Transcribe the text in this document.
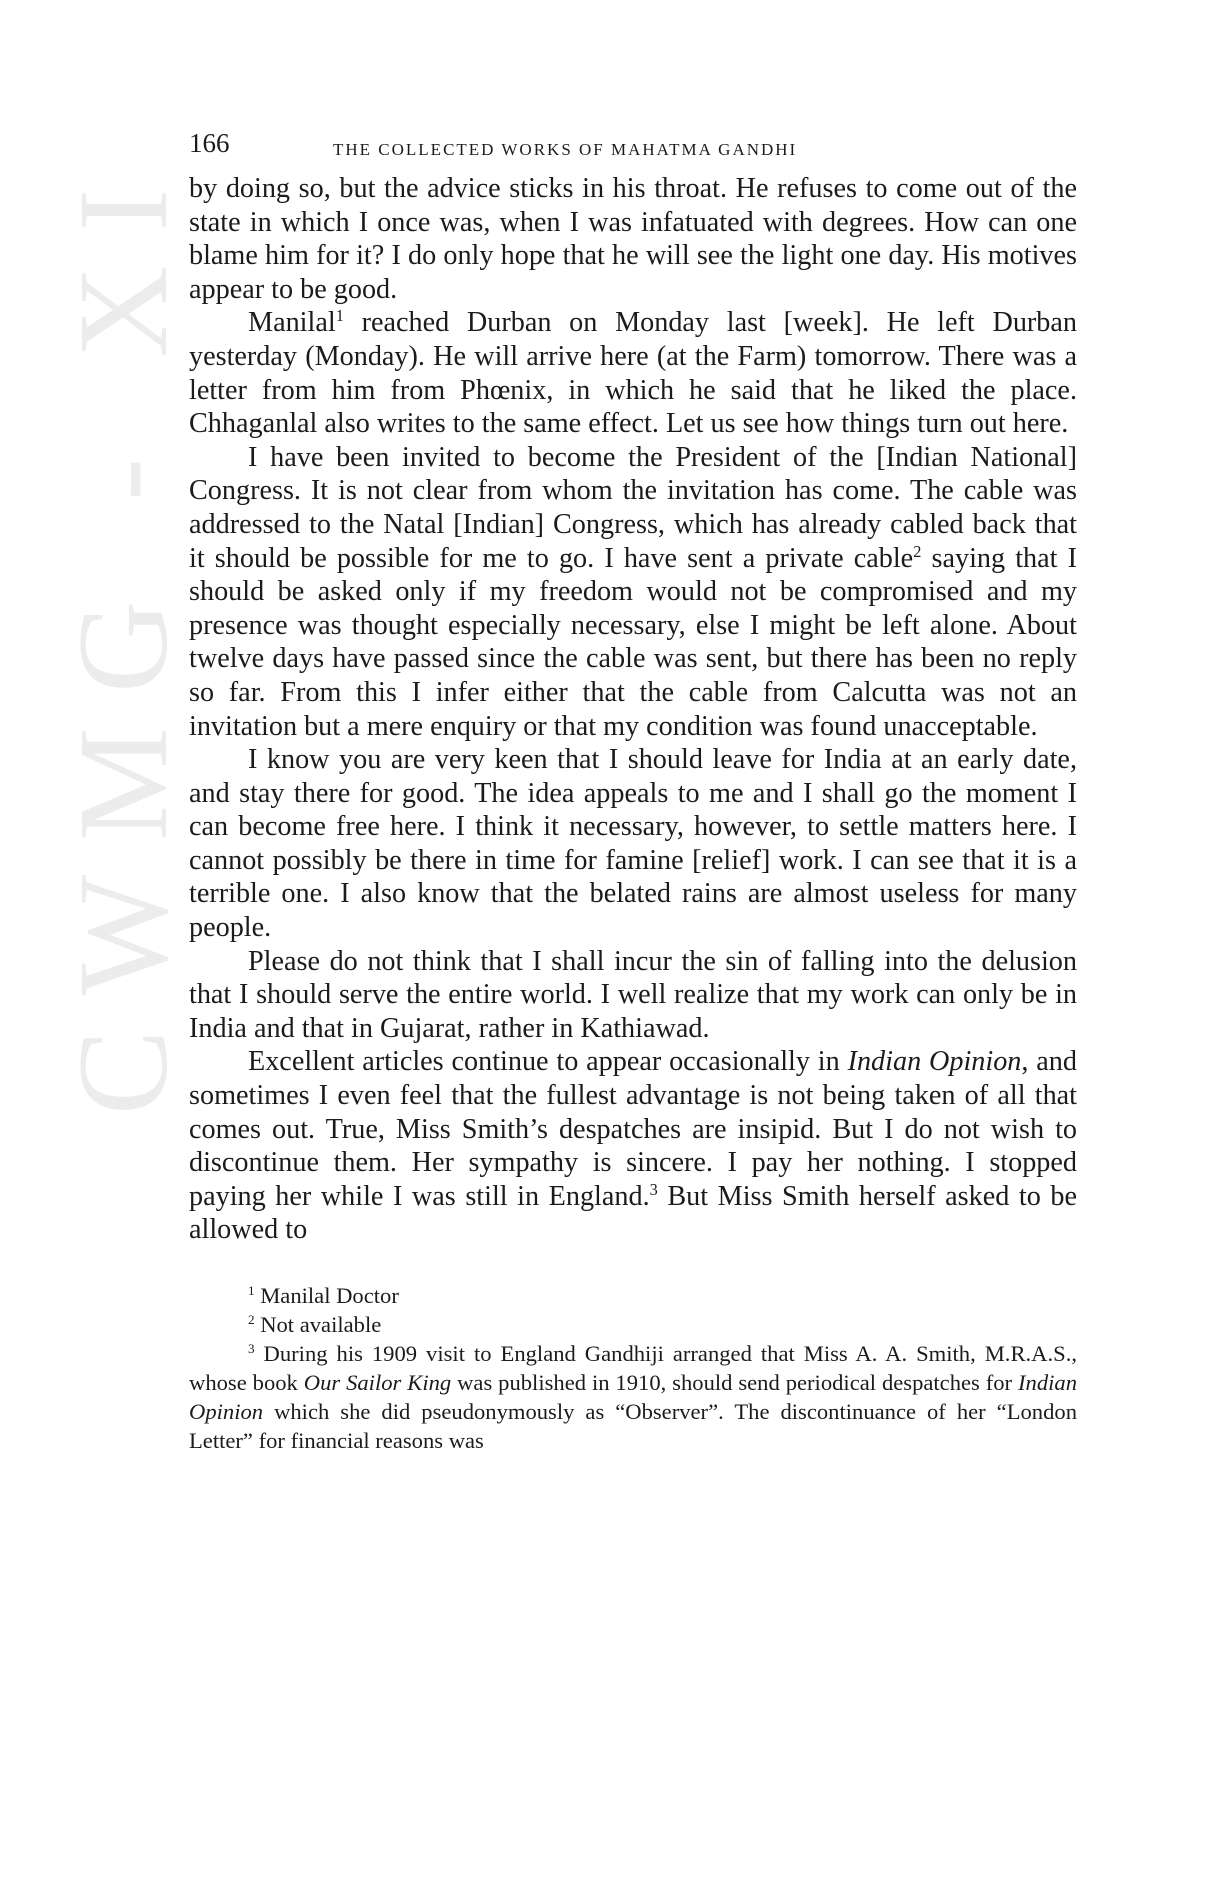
CWMG - XI
166	THE COLLECTED WORKS OF MAHATMA GANDHI

by doing so, but the advice sticks in his throat. He refuses to come out of the state in which I once was, when I was infatuated with degrees. How can one blame him for it? I do only hope that he will see the light one day. His motives appear to be good.

Manilal$^1$ reached Durban on Monday last [week]. He left Durban yesterday (Monday). He will arrive here (at the Farm) tomorrow. There was a letter from him from Phœnix, in which he said that he liked the place. Chhaganlal also writes to the same effect. Let us see how things turn out here.

I have been invited to become the President of the [Indian National] Congress. It is not clear from whom the invitation has come. The cable was addressed to the Natal [Indian] Congress, which has already cabled back that it should be possible for me to go. I have sent a private cable$^2$ saying that I should be asked only if my freedom would not be compromised and my presence was thought especially necessary, else I might be left alone. About twelve days have passed since the cable was sent, but there has been no reply so far. From this I infer either that the cable from Calcutta was not an invitation but a mere enquiry or that my condition was found unacceptable.

I know you are very keen that I should leave for India at an early date, and stay there for good. The idea appeals to me and I shall go the moment I can become free here. I think it necessary, however, to settle matters here. I cannot possibly be there in time for famine [relief] work. I can see that it is a terrible one. I also know that the belated rains are almost useless for many people.

Please do not think that I shall incur the sin of falling into the delusion that I should serve the entire world. I well realize that my work can only be in India and that in Gujarat, rather in Kathiawad.

Excellent articles continue to appear occasionally in Indian Opinion, and sometimes I even feel that the fullest advantage is not being taken of all that comes out. True, Miss Smith’s despatches are insipid. But I do not wish to discontinue them. Her sympathy is sincere. I pay her nothing. I stopped paying her while I was still in England.$^3$ But Miss Smith herself asked to be allowed to

$^1$ Manilal Doctor

$^2$ Not available

$^3$ During his 1909 visit to England Gandhiji arranged that Miss A. A. Smith, M.R.A.S., whose book Our Sailor King was published in 1910, should send periodical despatches for Indian Opinion which she did pseudonymously as “Observer”. The discontinuance of her “London Letter” for financial reasons was
